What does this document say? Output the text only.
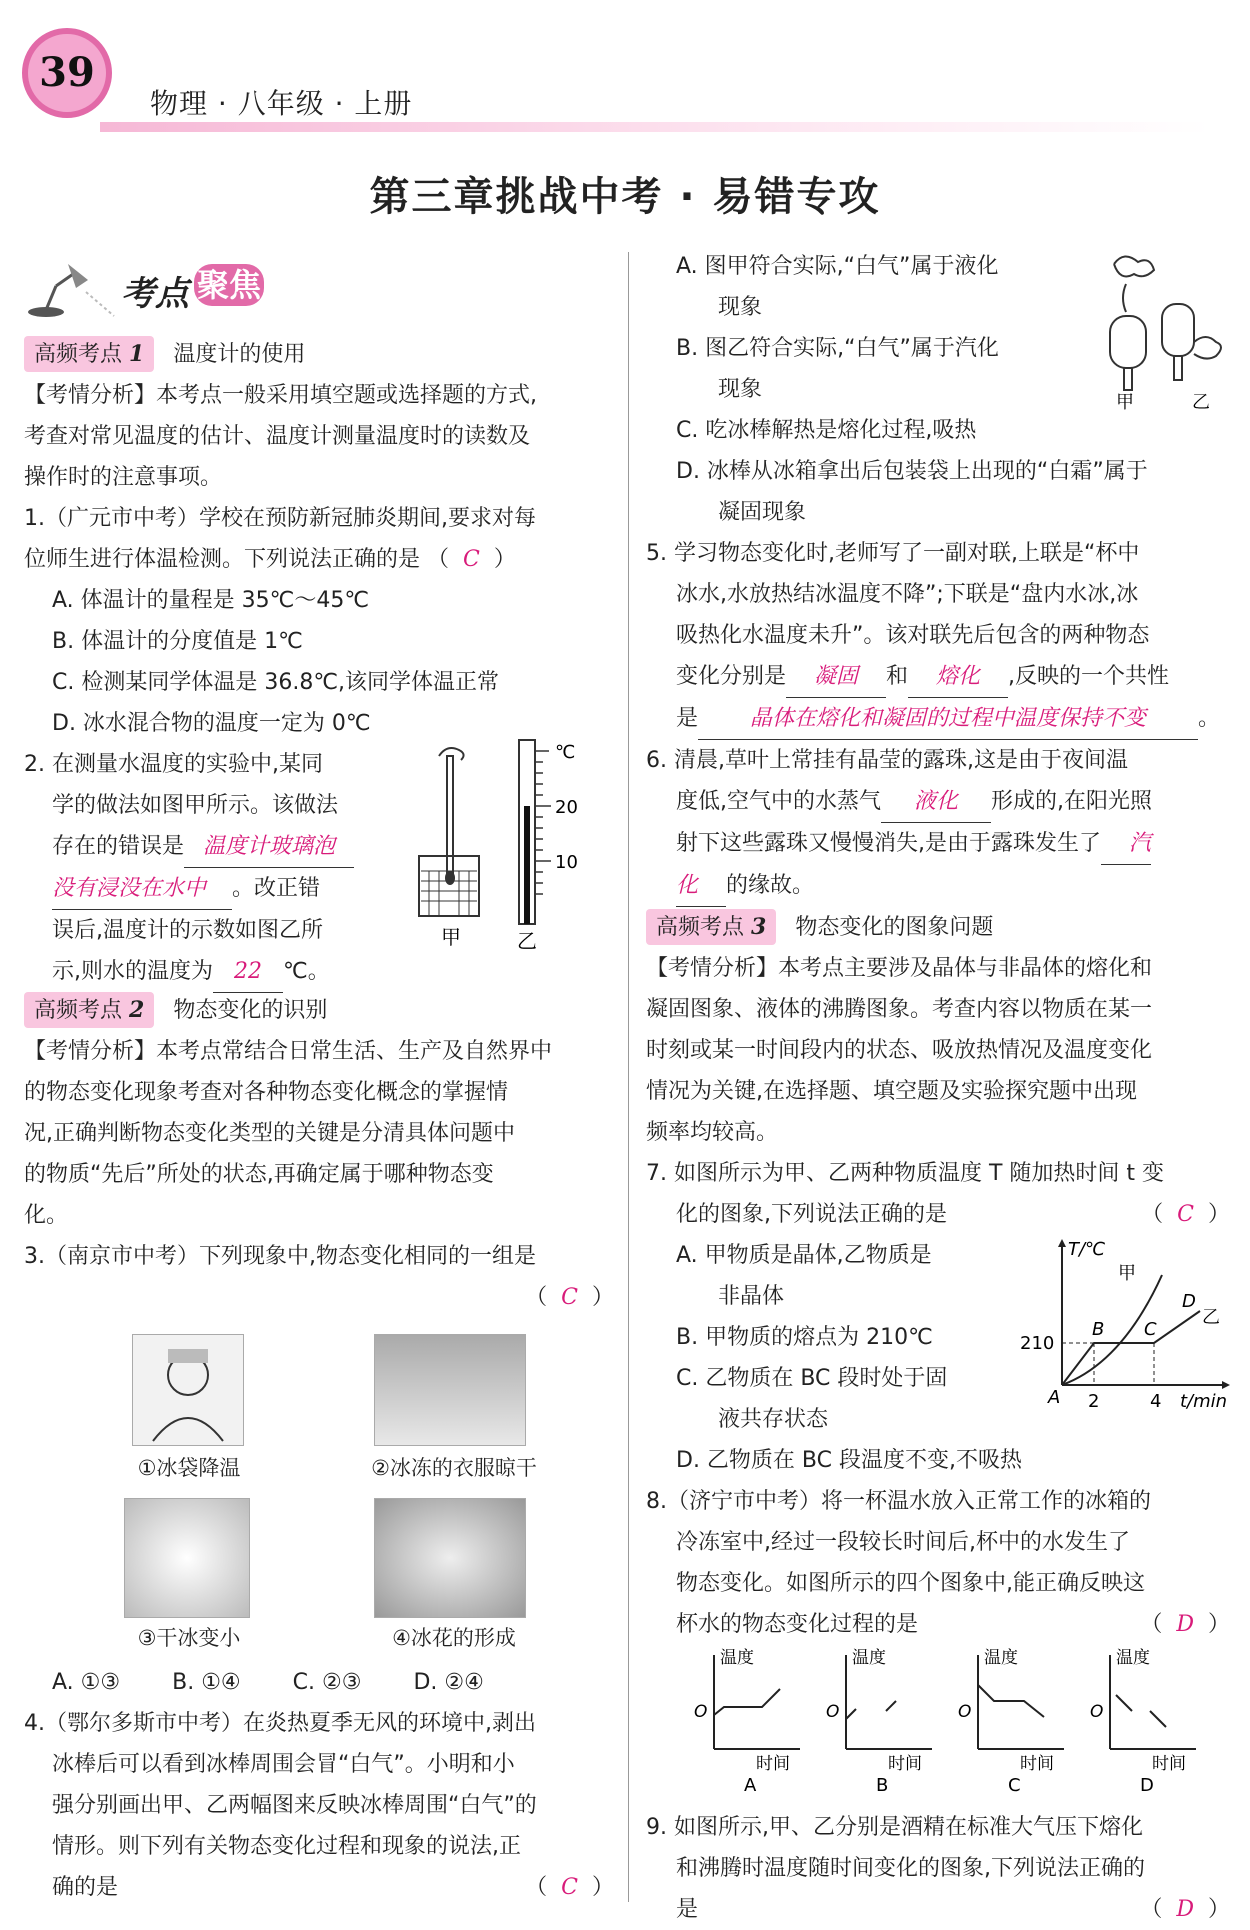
39
物理 · 八年级 · 上册
第三章挑战中考 · 易错专攻
考点 聚焦
高频考点 1 温度计的使用
【考情分析】本考点一般采用填空题或选择题的方式,
考查对常见温度的估计、温度计测量温度时的读数及
操作时的注意事项。
1.（广元市中考）学校在预防新冠肺炎期间,要求对每
位师生进行体温检测。下列说法正确的是 （ C ）
A. 体温计的量程是 35℃～45℃
B. 体温计的分度值是 1℃
C. 检测某同学体温是 36.8℃,该同学体温正常
D. 冰水混合物的温度一定为 0℃
2. 在测量水温度的实验中,某同
学的做法如图甲所示。该做法
存在的错误是 温度计玻璃泡
没有浸没在水中 。改正错
误后,温度计的示数如图乙所
示,则水的温度为 22 ℃。
甲
℃
20
10
乙
高频考点 2 物态变化的识别
【考情分析】本考点常结合日常生活、生产及自然界中
的物态变化现象考查对各种物态变化概念的掌握情
况,正确判断物态变化类型的关键是分清具体问题中
的物质“先后”所处的状态,再确定属于哪种物态变
化。
3.（南京市中考）下列现象中,物态变化相同的一组是
（ C ）
①冰袋降温	②冰冻的衣服晾干
③干冰变小	④冰花的形成
A. ①③ B. ①④ C. ②③ D. ②④
4.（鄂尔多斯市中考）在炎热夏季无风的环境中,剥出
冰棒后可以看到冰棒周围会冒“白气”。小明和小
强分别画出甲、乙两幅图来反映冰棒周围“白气”的
情形。则下列有关物态变化过程和现象的说法,正
确的是	（ C ）
A. 图甲符合实际,“白气”属于液化
现象
B. 图乙符合实际,“白气”属于汽化
现象
C. 吃冰棒解热是熔化过程,吸热
D. 冰棒从冰箱拿出后包装袋上出现的“白霜”属于
凝固现象
甲	乙
5. 学习物态变化时,老师写了一副对联,上联是“杯中
冰水,水放热结冰温度不降”;下联是“盘内水冰,冰
吸热化水温度未升”。该对联先后包含的两种物态
变化分别是 凝固 和 熔化 ,反映的一个共性
是 晶体在熔化和凝固的过程中温度保持不变 。
6. 清晨,草叶上常挂有晶莹的露珠,这是由于夜间温
度低,空气中的水蒸气 液化 形成的,在阳光照
射下这些露珠又慢慢消失,是由于露珠发生了 汽
化 的缘故。
高频考点 3 物态变化的图象问题
【考情分析】本考点主要涉及晶体与非晶体的熔化和
凝固图象、液体的沸腾图象。考查内容以物质在某一
时刻或某一时间段内的状态、吸放热情况及温度变化
情况为关键,在选择题、填空题及实验探究题中出现
频率均较高。
7. 如图所示为甲、乙两种物质温度 T 随加热时间 t 变
化的图象,下列说法正确的是	（ C ）
A. 甲物质是晶体,乙物质是
非晶体
B. 甲物质的熔点为 210℃
C. 乙物质在 BC 段时处于固
液共存状态
D. 乙物质在 BC 段温度不变,不吸热
T/℃
t/min
210
2	4
A
B C
D
甲
乙
8.（济宁市中考）将一杯温水放入正常工作的冰箱的
冷冻室中,经过一段较长时间后,杯中的水发生了
物态变化。如图所示的四个图象中,能正确反映这
杯水的物态变化过程的是	（ D ）
温度
时间
O
A
温度
时间
O
B
温度
时间
O
C
温度
时间
O
D
9. 如图所示,甲、乙分别是酒精在标准大气压下熔化
和沸腾时温度随时间变化的图象,下列说法正确的
是	（ D ）
